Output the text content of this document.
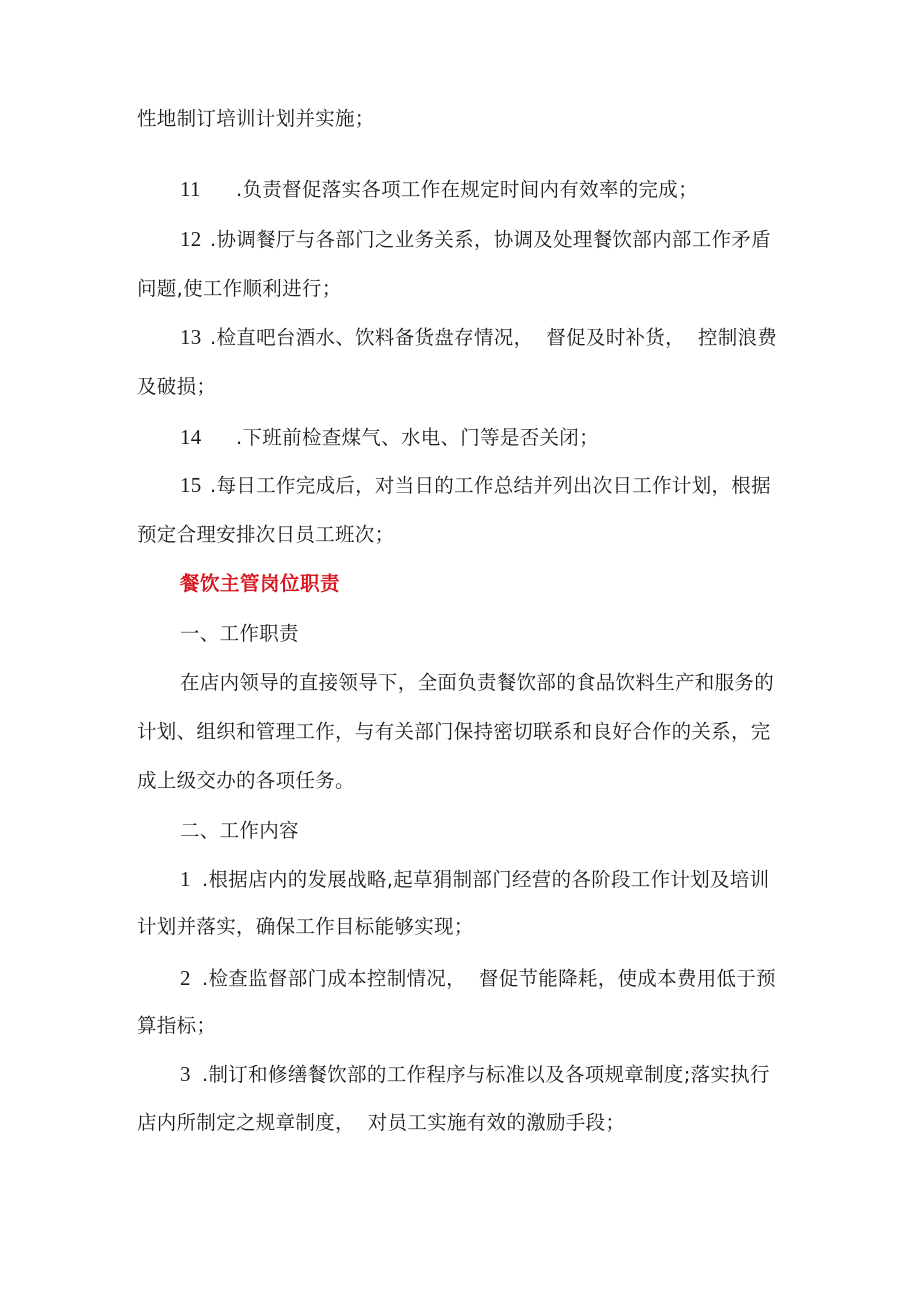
性地制订培训计划并实施；
11 .负责督促落实各项工作在规定时间内有效率的完成；
12 .协调餐厅与各部门之业务关系，协调及处理餐饮部内部工作矛盾
问题,使工作顺利进行；
13 .检直吧台酒水、饮料备货盘存情况，  督促及时补货，  控制浪费
及破损；
14 .下班前检查煤气、水电、门等是否关闭；
15 .每日工作完成后，对当日的工作总结并列出次日工作计划，根据
预定合理安排次日员工班次；
餐饮主管岗位职责
一、工作职责
在店内领导的直接领导下，全面负责餐饮部的食品饮料生产和服务的
计划、组织和管理工作，与有关部门保持密切联系和良好合作的关系，完
成上级交办的各项任务。
二、工作内容
1 .根据店内的发展战略,起草狷制部门经营的各阶段工作计划及培训
计划并落实，确保工作目标能够实现；
2 .检查监督部门成本控制情况，  督促节能降耗，使成本费用低于预
算指标；
3 .制订和修缮餐饮部的工作程序与标准以及各项规章制度;落实执行
店内所制定之规章制度，  对员工实施有效的激励手段；
